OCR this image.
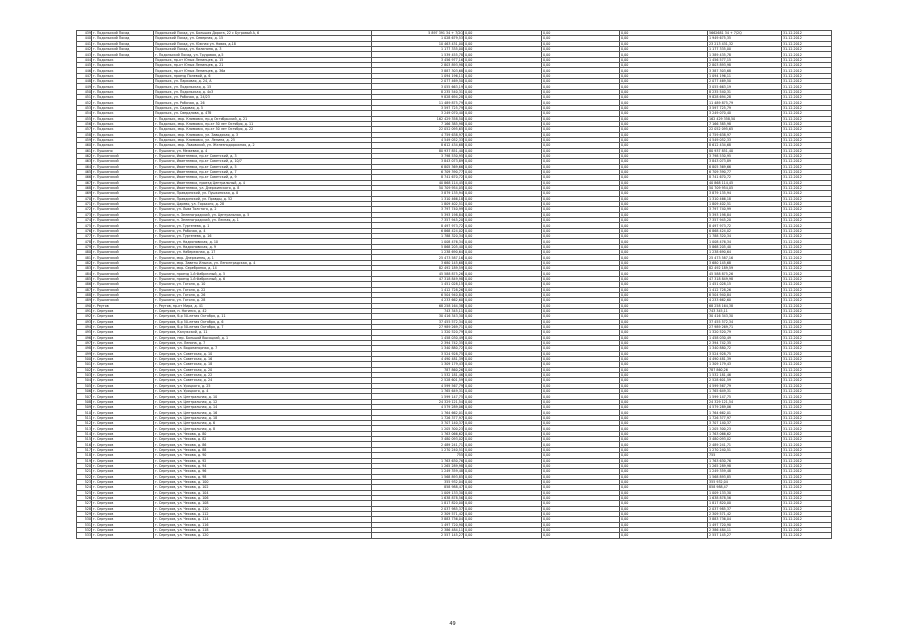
439	г. Подольский Посад	Подольский Посад, ул. Большая Дорога, 22 с Бугровый А, 6	5 897 391 34 + 7/2Q	0,00	0,00	0,00	5662681 34 + 7/2Q	31.12.2012
440	г. Подольский Посад	Подольский Посад, ул. Северная, д. 15	1 028 679,53	0,00	0,00	0,00	1 949 675,35	31.12.2012
441	г. Подольский Посад	Подольский Посад, ул. Южная ул. Новая, д.18	10 463 431,00	0,00	0,00	0,00	23 213 431,32	31.12.2012
442	г. Подольский Посад	Подольский Посад, ул. Калинина, д. 3	1 177 335,00	0,00	0,00	0,00	1 177 335,00	31.12.2012
443	г. Подольский Посад	г. Подольский Посад, ул. Трудовая, д.5	1 539 455,78	0,00	0,00	0,00	1 389 435,78	31.12.2012
444	г. Подольск	Подольск, пр-кт Юных Ленинцев, д. 15	3 456 977,16	0,00	0,00	0,00	1 456 577,15	31.12.2012
445	г. Подольск	Подольск, пр-кт Юных Ленинцев, д. 21	2 803 893,98	0,00	0,00	0,00	2 803 893,98	31.12.2012
446	г. Подольск	Подольск, пр-кт Юных Ленинцев, д. 36а	3 887 303,68	0,00	0,00	0,00	3 387 303,68	31.12.2012
447	г. Подольск	Подольск, проезд Полевой, д. 6	1 094 196,11	0,00	0,00	0,00	1 094 196,11	31.12.2012
448	г. Подольск	Подольск, ул. Парковая, д. 24, А	2 077 469,50	0,00	0,00	0,00	2 077 469,50	31.12.2012
449	г. Подольск	Подольск, ул. Подольская, д. 15	3 055 663,19	0,00	0,00	0,00	3 055 663,19	31.12.2012
450	г. Подольск	Подольск, ул. Подольская, д. 4к3	8 235 540,31	0,00	0,00	0,00	8 235 540,31	31.12.2012
451	г. Подольск	Подольск, ул. Рабочая, д. 24/23	9 828 694,28	0,00	0,00	0,00	9 828 694,28	31.12.2012
452	г. Подольск	Подольск, ул. Рабочая, д. 26	11 489 875,79	0,00	0,00	0,00	11 489 875,79	31.12.2012
453	г. Подольск	Подольск, ул. Садовая, д. 5	3 597 725,79	0,00	0,00	0,00	3 597 725,79	31.12.2012
454	г. Подольск	Подольск, ул. Свердлова, д. 47б	3 249 070,40	0,00	0,00	0,00	3 249 070,40	31.12.2012
455	г. Подольск	г. Подольск, мкр. Климовск, пр-д Октябрьский, д. 21	162 429 358,50	0,00	0,00	0,00	162 429 358,50	31.12.2012
456	г. Подольск	г. Подольск, мкр. Климовск, пр-кт 50 лет Октября, д. 11	7 166 385,98	0,00	0,00	0,00	7 166 385,98	31.12.2012
457	г. Подольск	г. Подольск, мкр. Климовск, пр-кт 50 лет Октября, д. 22	22 052 095,65	0,00	0,00	0,00	22 052 095,65	31.12.2012
458	г. Подольск	г. Подольск, мкр. Климовск, ул. Заводская, д. 3	4 759 638,97	0,00	0,00	0,00	4 759 638,97	31.12.2012
459	г. Подольск	г. Подольск, мкр. Климовск, ул. Ленина, д. 25	4 549 052,33	0,00	0,00	0,00	4 549 052,33	31.12.2012
460	г. Подольск	г. Подольск, мкр. Львовский, ул. Железнодорожная, д. 2	8 612 434,68	0,00	0,00	0,00	8 612 434,68	31.12.2012
461	г. Пушкино	г. Пушкино, ул. Межевая, д. 4	80 937 851,40	0,00	0,00	0,00	80 937 851,40	31.12.2012
462	г. Пушкинский	г. Пушкино, Ивантеевка, пр-кт Советский, д. 3	3 798 530,95	0,00	0,00	0,00	3 798 530,95	31.12.2012
463	г. Пушкинский	г. Пушкино, Ивантеевка, пр-кт Советский, д. 10/7	3 843 073,89	0,00	0,00	0,00	3 843 073,89	31.12.2012
464	г. Пушкинский	г. Пушкино, Ивантеевка, пр-кт Советский, д. 5	6 805 369,66	0,00	0,00	0,00	6 805 369,66	31.12.2012
465	г. Пушкинский	г. Пушкино, Ивантеевка, пр-кт Советский, д. 7	6 709 390,77	0,00	0,00	0,00	6 709 390,77	31.12.2012
466	г. Пушкинский	г. Пушкино, Ивантеевка, пр-кт Советский, д. 9	8 741 670,72	0,00	0,00	0,00	8 741 670,72	31.12.2012
467	г. Пушкинский	г. Пушкино, Ивантеевка, проезд Центральный, д. 4	40 868 114,45	0,00	0,00	0,00	40 868 114,45	31.12.2012
468	г. Пушкинский	г. Пушкино, Ивантеевка, ул. Дзержинского, д. 8	50 709 954,05	0,00	0,00	0,00	50 709 954,05	31.12.2012
469	г. Пушкинский	г. Пушкино, Правдинский, ул. Пушкинская, д. 8	3 879 135,94	0,00	0,00	0,00	3 879 135,94	31.12.2012
470	г. Пушкинский	г. Пушкино, Правдинский, ул. Правды, д. 52	1 310 466,18	0,00	0,00	0,00	1 310 466,18	31.12.2012
471	г. Пушкинский	г. Пушкино, Царево, ул. Горького, д. 28	1 809 402,51	0,00	0,00	0,00	1 809 402,51	31.12.2012
472	г. Пушкинский	г. Пушкино, ул. Льва Толстого, д. 2	3 797 740,99	0,00	0,00	0,00	3 797 740,99	31.12.2012
473	г. Пушкинский	г. Пушкино, п. Зеленоградский, ул. Центральная, д. 5	5 393 198,84	0,00	0,00	0,00	5 393 198,84	31.12.2012
474	г. Пушкинский	г. Пушкино, п. Зеленоградский, ул. Лесная, д. 1	7 357 945,20	0,00	0,00	0,00	7 357 945,20	31.12.2012
475	г. Пушкинский	г. Пушкино, ул. Тургенева, д. 1	8 497 973,72	0,00	0,00	0,00	8 497 973,72	31.12.2012
476	г. Пушкинский	г. Пушкино, ул. Рабочая, д. 4	6 868 424,02	0,00	0,00	0,00	6 868 424,02	31.12.2012
477	г. Пушкинский	г. Пушкино, ул. Тургенева, д. 16	1 788 320,34	0,00	0,00	0,00	1 788 320,34	31.12.2012
478	г. Пушкинский	г. Пушкино, ул. Надсоновская, д. 10	1 008 476,34	0,00	0,00	0,00	1 008 476,34	31.12.2012
479	г. Пушкинский	г. Пушкино, ул. Надсоновская, д. 9	5 868 205,40	0,00	0,00	0,00	5 868 205,40	31.12.2012
480	г. Пушкинский	г. Пушкино, ул. Набережная, д. 17	1 238 690,64	0,00	0,00	0,00	1 238 690,64	31.12.2012
481	г. Пушкинский	г. Пушкино, мкр. Дзержинец, д. 1	25 473 587,16	0,00	0,00	0,00	25 473 587,16	31.12.2012
482	г. Пушкинский	г. Пушкино, мкр. Заветы Ильича, ул. Ленинградская, д. 4	3 680 145,68	0,00	0,00	0,00	3 680 145,68	31.12.2012
483	г. Пушкинский	г. Пушкино, мкр. Серебрянка, д. 14	82 492 189,59	0,00	0,00	0,00	82 492 189,59	31.12.2012
484	г. Пушкинский	г. Пушкино, проезд 1-й Фабричный, д. 5	45 588 875,26	0,00	0,00	0,00	45 588 875,26	31.12.2012
485	г. Пушкинский	г. Пушкино, проезд 1-й Фабричный, д. 6	47 318 849,98	0,00	0,00	0,00	47 318 849,98	31.12.2012
486	г. Пушкинский	г. Пушкино, ул. Гоголя, д. 10	1 451 028,15	0,00	0,00	0,00	1 451 028,15	31.12.2012
487	г. Пушкинский	г. Пушкино, ул. Гоголя, д. 22	1 412 728,26	0,00	0,00	0,00	1 412 728,26	31.12.2012
488	г. Пушкинский	г. Пушкино, ул. Гоголя, д. 26	6 504 940,84	0,00	0,00	0,00	6 504 940,84	31.12.2012
489	г. Пушкинский	г. Пушкино, ул. Гоголя, д. 28	4 233 662,60	0,00	0,00	0,00	4 233 662,60	31.12.2012
490	г. Реутов	г. Реутов, пр-кт Мира, д. 41	68 258 164,38	0,00	0,00	0,00	68 258 164,38	31.12.2012
491	г. Серпухов	г. Серпухов, п. Ногинск, д. 42	743 345,11	0,00	0,00	0,00	743 345,11	31.12.2012
492	г. Серпухов	г. Серпухов, б-р 50-летия Октября, д. 11	30 416 343,30	0,00	0,00	0,00	30 416 343,30	31.12.2012
493	г. Серпухов	г. Серпухов, б-р 50-летия Октября, д. 6	37 455 572,34	0,00	0,00	0,00	37 455 572,34	31.12.2012
494	г. Серпухов	г. Серпухов, б-р 50-летия Октября, д. 7	27 989 269,71	0,00	0,00	0,00	27 989 269,71	31.12.2012
495	г. Серпухов	г. Серпухов, Калужский, д. 11	1 320 520,79	0,00	0,00	0,00	1 320 520,79	31.12.2012
496	г. Серпухов	г. Серпухов, пер. Большой Высоцкий, д. 1	1 458 030,49	0,00	0,00	0,00	1 458 030,49	31.12.2012
497	г. Серпухов	г. Серпухов, пл. Ленина, д. 7	2 394 742,35	0,00	0,00	0,00	2 394 742,35	31.12.2012
498	г. Серпухов	г. Серпухов, ул. Водонапорная, д. 7	1 340 880,72	0,00	0,00	0,00	1 340 880,72	31.12.2012
499	г. Серпухов	г. Серпухов, ул. Советская, д. 10	3 524 928,75	0,00	0,00	0,00	3 524 928,75	31.12.2012
500	г. Серпухов	г. Серпухов, ул. Советская, д. 16	4 490 481,39	0,00	0,00	0,00	4 490 481,39	31.12.2012
501	г. Серпухов	г. Серпухов, ул. Советская, д. 18	1 309 179,43	0,00	0,00	0,00	1 309 179,43	31.12.2012
502	г. Серпухов	г. Серпухов, ул. Советская, д. 20	787 860,26	0,00	0,00	0,00	787 860,26	31.12.2012
503	г. Серпухов	г. Серпухов, ул. Советская, д. 22	1 532 181,46	0,00	0,00	0,00	1 532 181,46	31.12.2012
504	г. Серпухов	г. Серпухов, ул. Советская, д. 24	2 528 601,59	0,00	0,00	0,00	2 528 601,59	31.12.2012
505	г. Серпухов	г. Серпухов, ул. Урицкого, д. 25	4 599 567,79	0,00	0,00	0,00	4 599 567,79	31.12.2012
506	г. Серпухов	г. Серпухов, ул. Урицкого, д. 4	1 765 649,31	0,00	0,00	0,00	1 765 649,31	31.12.2012
507	г. Серпухов	г. Серпухов, ул. Центральная, д. 10	1 599 147,75	0,00	0,00	0,00	1 599 147,75	31.12.2012
508	г. Серпухов	г. Серпухов, ул. Центральная, д. 12	24 329 121,54	0,00	0,00	0,00	24 329 121,54	31.12.2012
509	г. Серпухов	г. Серпухов, ул. Центральная, д. 14	4 579 289,06	0,00	0,00	0,00	4 579 289,06	31.12.2012
510	г. Серпухов	г. Серпухов, ул. Центральная, д. 16	1 764 662,01	0,00	0,00	0,00	1 764 662,01	31.12.2012
511	г. Серпухов	г. Серпухов, ул. Центральная, д. 18	1 726 377,97	0,00	0,00	0,00	1 726 377,97	31.12.2012
512	г. Серпухов	г. Серпухов, ул. Центральная, д. 6	3 707 140,37	0,00	0,00	0,00	3 707 140,37	31.12.2012
513	г. Серпухов	г. Серпухов, ул. Центральная, д. 8	1 205 300,23	0,00	0,00	0,00	1 205 300,23	31.12.2012
514	г. Серпухов	г. Серпухов, ул. Чехова, д. 80	1 763 066,62	0,00	0,00	0,00	1 763 066,62	31.12.2012
515	г. Серпухов	г. Серпухов, ул. Чехова, д. 82	3 480 093,02	0,00	0,00	0,00	3 480 093,02	31.12.2012
516	г. Серпухов	г. Серпухов, ул. Чехова, д. 86	2 489 241,71	0,00	0,00	0,00	2 489 241,71	31.12.2012
517	г. Серпухов	г. Серпухов, ул. Чехова, д. 88	1 270 240,51	0,00	0,00	0,00	1 270 240,51	31.12.2012
518	г. Серпухов	г. Серпухов, ул. Чехова, д. 90	755	0,00	0,00	0,00	755	31.12.2012
519	г. Серпухов	г. Серпухов, ул. Чехова, д. 92	1 763 630,76	0,00	0,00	0,00	1 763 630,76	31.12.2012
520	г. Серпухов	г. Серпухов, ул. Чехова, д. 94	1 265 289,98	0,00	0,00	0,00	1 265 289,98	31.12.2012
521	г. Серпухов	г. Серпухов, ул. Чехова, д. 96	1 249 359,48	0,00	0,00	0,00	1 249 359,48	31.12.2012
522	г. Серпухов	г. Серпухов, ул. Чехова, д. 98	1 568 893,85	0,00	0,00	0,00	1 568 893,85	31.12.2012
523	г. Серпухов	г. Серпухов, ул. Чехова, д. 100	355 932,04	0,00	0,00	0,00	355 932,04	31.12.2012
524	г. Серпухов	г. Серпухов, ул. Чехова, д. 102	858 988,47	0,00	0,00	0,00	858 988,47	31.12.2012
525	г. Серпухов	г. Серпухов, ул. Чехова, д. 104	1 009 133,30	0,00	0,00	0,00	1 009 133,30	31.12.2012
526	г. Серпухов	г. Серпухов, ул. Чехова, д. 106	1 638 878,56	0,00	0,00	0,00	1 638 878,56	31.12.2012
527	г. Серпухов	г. Серпухов, ул. Чехова, д. 108	1 817 820,00	0,00	0,00	0,00	1 817 820,00	31.12.2012
528	г. Серпухов	г. Серпухов, ул. Чехова, д. 110	2 037 985,37	0,00	0,00	0,00	2 037 985,37	31.12.2012
529	г. Серпухов	г. Серпухов, ул. Чехова, д. 112	2 309 571,42	0,00	0,00	0,00	2 309 571,42	31.12.2012
530	г. Серпухов	г. Серпухов, ул. Чехова, д. 114	3 883 736,04	0,00	0,00	0,00	3 883 736,04	31.12.2012
531	г. Серпухов	г. Серпухов, ул. Чехова, д. 116	1 497 720,90	0,00	0,00	0,00	1 497 720,90	31.12.2012
532	г. Серпухов	г. Серпухов, ул. Чехова, д. 118	2 386 484,11	0,00	0,00	0,00	2 386 484,11	31.12.2012
533	г. Серпухов	г. Серпухов, ул. Чехова, д. 120	2 557 145,27	0,00	0,00	0,00	2 557 145,27	31.12.2012
49
